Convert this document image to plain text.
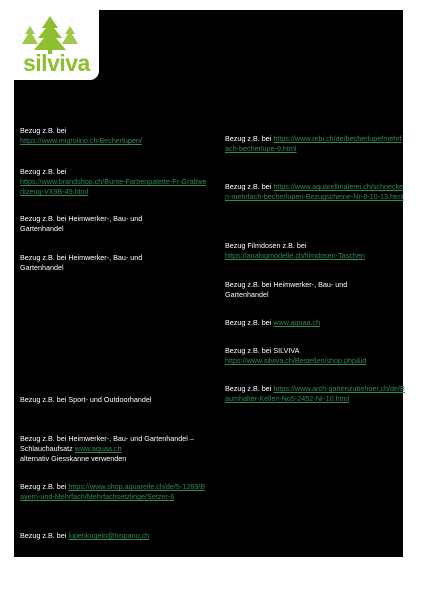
silviva
Bezug z.B. bei
https://www.migrolino.ch/Becherlupen/
Bezug z.B. bei
https://www.brandshop.ch/Bunte-Farbenpalette-Fr-Grabwerkzeug-VX9B-49.html
Bezug z.B. bei Heimwerker-, Bau- und Gartenhandel
Bezug z.B. bei Heimwerker-, Bau- und Gartenhandel
Bezug z.B. bei Sport- und Outdoorhandel
Bezug z.B. bei Heimwerker-, Bau- und Gartenhandel – Schlauchaufsatz www.aquaa.ch
alternativ Giesskanne verwenden
Bezug z.B. bei https://www.shop.aquarelle.ch/de/5-1269/Bayern-und-Mehrfach/Mehrfachsetzlinge/Setzer-6
Bezug z.B. bei lupenkugeln@hispano.ch
Bezug z.B. bei https://www.rebi.ch/de/becherlupe/mehrfach-becherlupe-9.html
Bezug z.B. bei https://www.aquarellmalerei.ch/schnecken-mehrfach-becherlupen-Bezugscheine-Nr-8-10-13.html
Bezug Filmdosen z.B. bei
https://analogmodelle.ch/filmdosen-Taschen
Bezug z.B. bei Heimwerker-, Bau- und Gartenhandel
Bezug z.B. bei www.aquaa.ch
Bezug z.B. bei SILVIVA
https://www.silviva.ch/Bestellen/shop.php&id
Bezug z.B. bei https://www.arch-gartenzubehoer.ch/de/Baumhalter-Kellen-No5-2452-Nr-10.html
